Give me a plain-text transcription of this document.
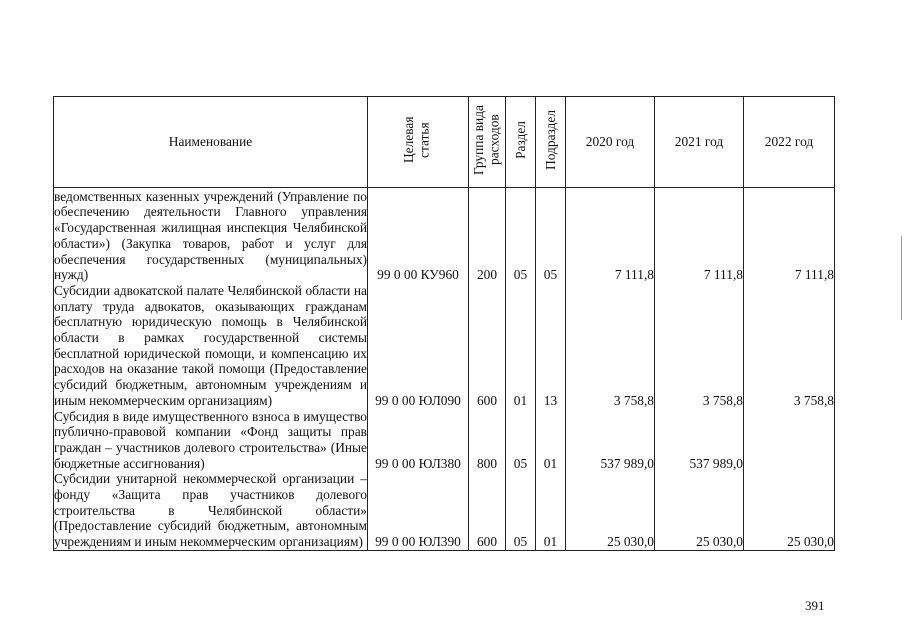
Наименование	Целевая статья	Группа вида расходов	Раздел	Подраздел	2020 год	2021 год	2022 год
ведомственных казенных учреждений (Управление по обеспечению деятельности Главного управления «Государственная жилищная инспекция Челябинской области») (Закупка товаров, работ и услуг для обеспечения государственных (муниципальных) нужд)	99 0 00 КУ960	200	05	05	7 111,8	7 111,8	7 111,8
Субсидии адвокатской палате Челябинской области на оплату труда адвокатов, оказывающих гражданам бесплатную юридическую помощь в Челябинской области в рамках государственной системы бесплатной юридической помощи, и компенсацию их расходов на оказание такой помощи (Предоставление субсидий бюджетным, автономным учреждениям и иным некоммерческим организациям)	99 0 00 ЮЛ090	600	01	13	3 758,8	3 758,8	3 758,8
Субсидия в виде имущественного взноса в имущество публично-правовой компании «Фонд защиты прав граждан – участников долевого строительства» (Иные бюджетные ассигнования)	99 0 00 ЮЛ380	800	05	01	537 989,0	537 989,0	
Субсидии унитарной некоммерческой организации – фонду «Защита прав участников долевого строительства в Челябинской области» (Предоставление субсидий бюджетным, автономным учреждениям и иным некоммерческим организациям)	99 0 00 ЮЛ390	600	05	01	25 030,0	25 030,0	25 030,0
391
